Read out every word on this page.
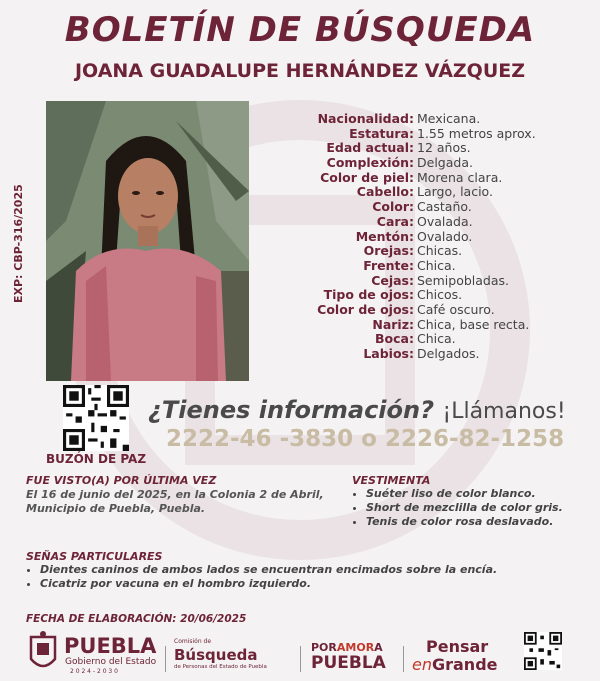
BOLETÍN DE BÚSQUEDA
JOANA GUADALUPE HERNÁNDEZ VÁZQUEZ
EXP: CBP-316/2025
Nacionalidad: Mexicana.
Estatura: 1.55 metros aprox.
Edad actual: 12 años.
Complexión: Delgada.
Color de piel: Morena clara.
Cabello: Largo, lacio.
Color: Castaño.
Cara: Ovalada.
Mentón: Ovalado.
Orejas: Chicas.
Frente: Chica.
Cejas: Semipobladas.
Tipo de ojos: Chicos.
Color de ojos: Café oscuro.
Nariz: Chica, base recta.
Boca: Chica.
Labios: Delgados.
BUZÓN DE PAZ
¿Tienes información? ¡Llámanos!
2222-46 -3830 o 2226-82-1258
FUE VISTO(A) POR ÚLTIMA VEZ
El 16 de junio del 2025, en la Colonia 2 de Abril,
Municipio de Puebla, Puebla.
VESTIMENTA
• Suéter liso de color blanco.
• Short de mezclilla de color gris.
• Tenis de color rosa deslavado.
SEÑAS PARTICULARES
• Dientes caninos de ambos lados se encuentran encimados sobre la encía.
• Cicatriz por vacuna en el hombro izquierdo.
FECHA DE ELABORACIÓN: 20/06/2025
PUEBLA
Gobierno del Estado
2 0 2 4 - 2 0 3 0
Comisión de
Búsqueda
de Personas del Estado de Puebla
PORAMORA
PUEBLA
Pensar
enGrande
